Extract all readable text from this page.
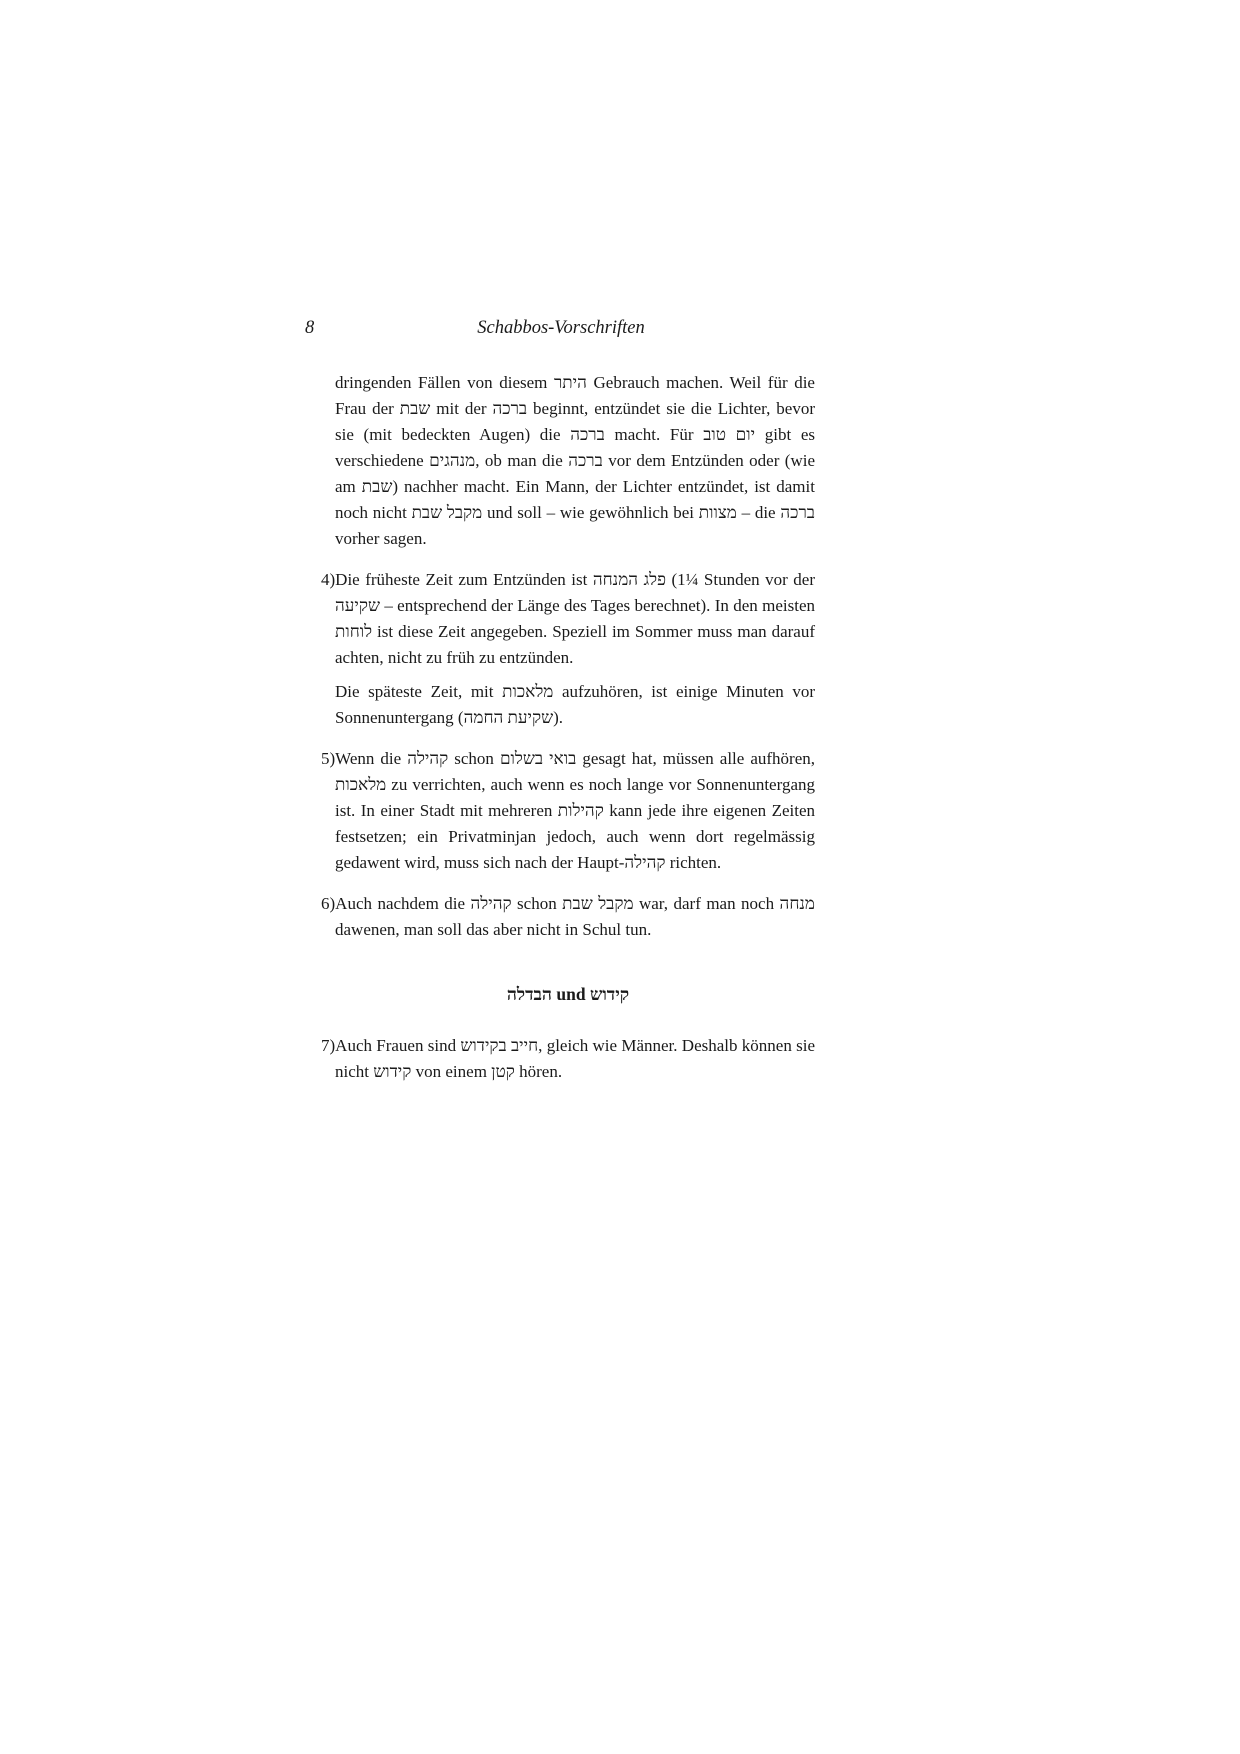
8	Schabbos-Vorschriften

dringenden Fällen von diesem היתר Gebrauch machen. Weil für die Frau der שבת mit der ברכה beginnt, entzündet sie die Lichter, bevor sie (mit bedeckten Augen) die ברכה macht. Für יום טוב gibt es verschiedene מנהגים, ob man die ברכה vor dem Entzünden oder (wie am שבת) nachher macht. Ein Mann, der Lichter entzündet, ist damit noch nicht מקבל שבת und soll – wie gewöhnlich bei מצוות – die ברכה vorher sagen.

4)Die früheste Zeit zum Entzünden ist פלג המנחה (1¼ Stunden vor der שקיעה – entsprechend der Länge des Tages berechnet). In den meisten לוחות ist diese Zeit angegeben. Speziell im Sommer muss man darauf achten, nicht zu früh zu entzünden.

Die späteste Zeit, mit מלאכות aufzuhören, ist einige Minuten vor Sonnenuntergang (שקיעת החמה).

5)Wenn die קהילה schon בואי בשלום gesagt hat, müssen alle aufhören, מלאכות zu verrichten, auch wenn es noch lange vor Sonnenuntergang ist. In einer Stadt mit mehreren קהילות kann jede ihre eigenen Zeiten festsetzen; ein Privatminjan jedoch, auch wenn dort regelmässig gedawent wird, muss sich nach der Haupt-קהילה richten.

6)Auch nachdem die קהילה schon מקבל שבת war, darf man noch מנחה dawenen, man soll das aber nicht in Schul tun.

הבדלה und קידוש

7)Auch Frauen sind חייב בקידוש, gleich wie Männer. Deshalb können sie nicht קידוש von einem קטן hören.
